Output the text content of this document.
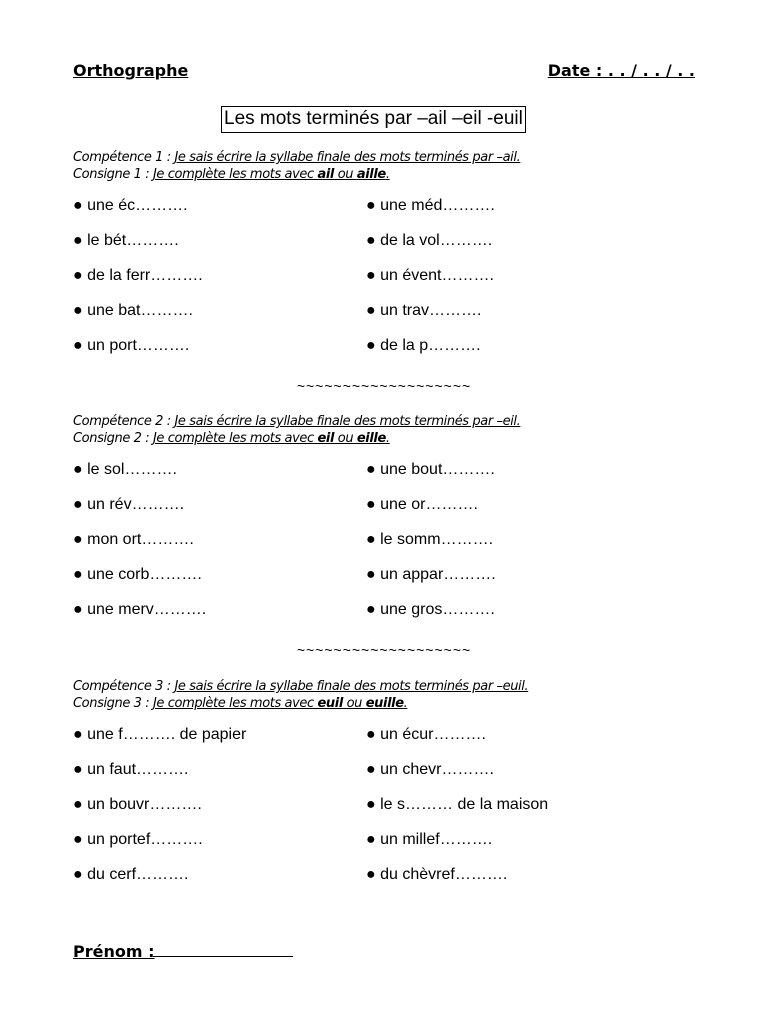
Orthographe	Date : . . / . . / . .
Les mots terminés par –ail –eil -euil
Compétence 1 : Je sais écrire la syllabe finale des mots terminés par –ail.
Consigne 1 : Je complète les mots avec ail ou aille.
● une éc……….
● le bét……….
● de la ferr……….
● une bat……….
● un port……….
● une méd……….
● de la vol……….
● un évent……….
● un trav……….
● de la p……….
~~~~~~~~~~~~~~~~~~~
Compétence 2 : Je sais écrire la syllabe finale des mots terminés par –eil.
Consigne 2 : Je complète les mots avec eil ou eille.
● le sol……….
● un rév……….
● mon ort……….
● une corb……….
● une merv……….
● une bout……….
● une or……….
● le somm……….
● un appar……….
● une gros……….
~~~~~~~~~~~~~~~~~~~
Compétence 3 : Je sais écrire la syllabe finale des mots terminés par –euil.
Consigne 3 : Je complète les mots avec euil ou euille.
● une f………. de papier
● un faut……….
● un bouvr……….
● un portef……….
● du cerf……….
● un écur……….
● un chevr……….
● le s……… de la maison
● un millef……….
● du chèvref……….
Prénom :
